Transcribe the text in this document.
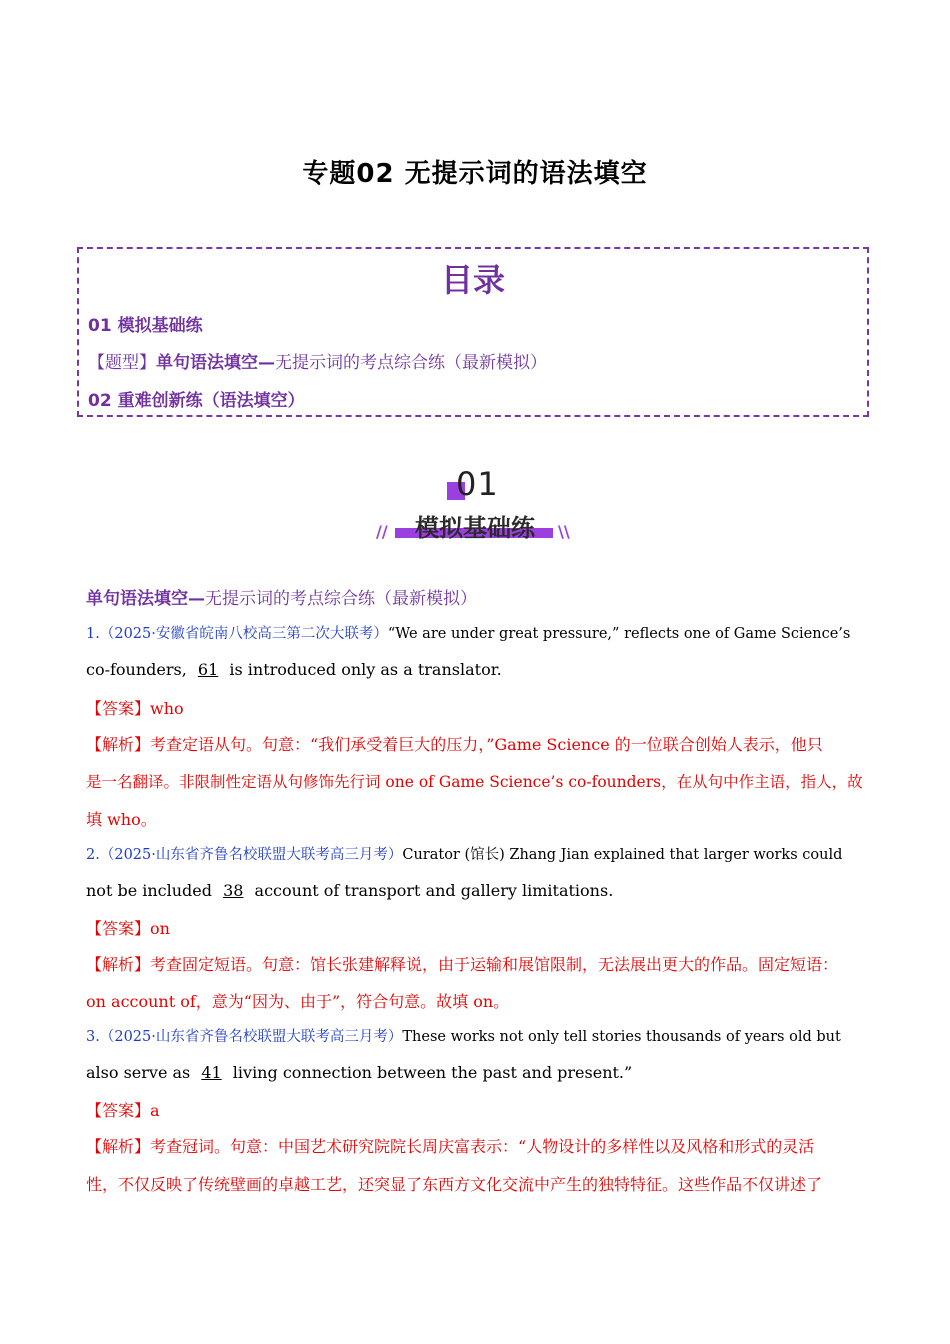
专题02 无提示词的语法填空
目录
01 模拟基础练
【题型】单句语法填空—无提示词的考点综合练（最新模拟）
02 重难创新练（语法填空）
01
模拟基础练
//	\\
单句语法填空—无提示词的考点综合练（最新模拟）
1.（2025·安徽省皖南八校高三第二次大联考）“We are under great pressure,” reflects one of Game Science’s
co-founders, 61 is introduced only as a translator.
【答案】who
【解析】考查定语从句。句意：“我们承受着巨大的压力，”Game Science 的一位联合创始人表示，他只
是一名翻译。非限制性定语从句修饰先行词 one of Game Science’s co-founders，在从句中作主语，指人，故
填 who。
2.（2025·山东省齐鲁名校联盟大联考高三月考）Curator (馆长) Zhang Jian explained that larger works could
not be included 38 account of transport and gallery limitations.
【答案】on
【解析】考查固定短语。句意：馆长张建解释说，由于运输和展馆限制，无法展出更大的作品。固定短语：
on account of，意为“因为、由于”，符合句意。故填 on。
3.（2025·山东省齐鲁名校联盟大联考高三月考）These works not only tell stories thousands of years old but
also serve as 41 living connection between the past and present.”
【答案】a
【解析】考查冠词。句意：中国艺术研究院院长周庆富表示：“人物设计的多样性以及风格和形式的灵活
性，不仅反映了传统壁画的卓越工艺，还突显了东西方文化交流中产生的独特特征。这些作品不仅讲述了
